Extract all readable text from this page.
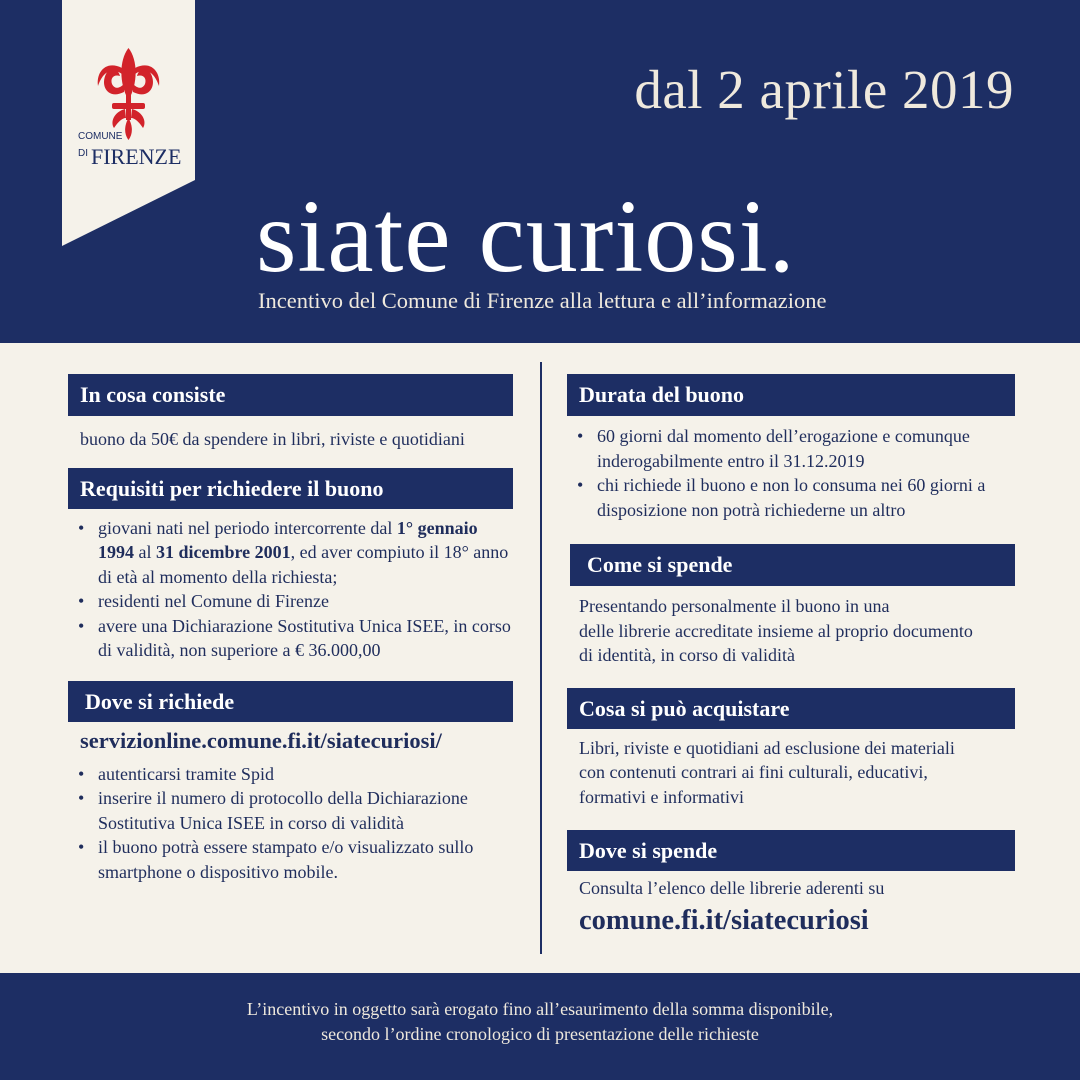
COMUNE
DI FIRENZE
dal 2 aprile 2019
siate curiosi.
Incentivo del Comune di Firenze alla lettura e all’informazione
In cosa consiste
buono da 50€ da spendere in libri, riviste e quotidiani
Requisiti per richiedere il buono
• giovani nati nel periodo intercorrente dal 1° gennaio 1994 al 31 dicembre 2001, ed aver compiuto il 18° anno di età al momento della richiesta;
• residenti nel Comune di Firenze
• avere una Dichiarazione Sostitutiva Unica ISEE, in corso di validità, non superiore a € 36.000,00
Dove si richiede
servizionline.comune.fi.it/siatecuriosi/
• autenticarsi tramite Spid
• inserire il numero di protocollo della Dichiarazione Sostitutiva Unica ISEE in corso di validità
• il buono potrà essere stampato e/o visualizzato sullo smartphone o dispositivo mobile.
Durata del buono
• 60 giorni dal momento dell’erogazione e comunque inderogabilmente entro il 31.12.2019
• chi richiede il buono e non lo consuma nei 60 giorni a disposizione non potrà richiederne un altro
Come si spende
Presentando personalmente il buono in una
delle librerie accreditate insieme al proprio documento
di identità, in corso di validità
Cosa si può acquistare
Libri, riviste e quotidiani ad esclusione dei materiali
con contenuti contrari ai fini culturali, educativi,
formativi e informativi
Dove si spende
Consulta l’elenco delle librerie aderenti su
comune.fi.it/siatecuriosi
L’incentivo in oggetto sarà erogato fino all’esaurimento della somma disponibile,
secondo l’ordine cronologico di presentazione delle richieste
